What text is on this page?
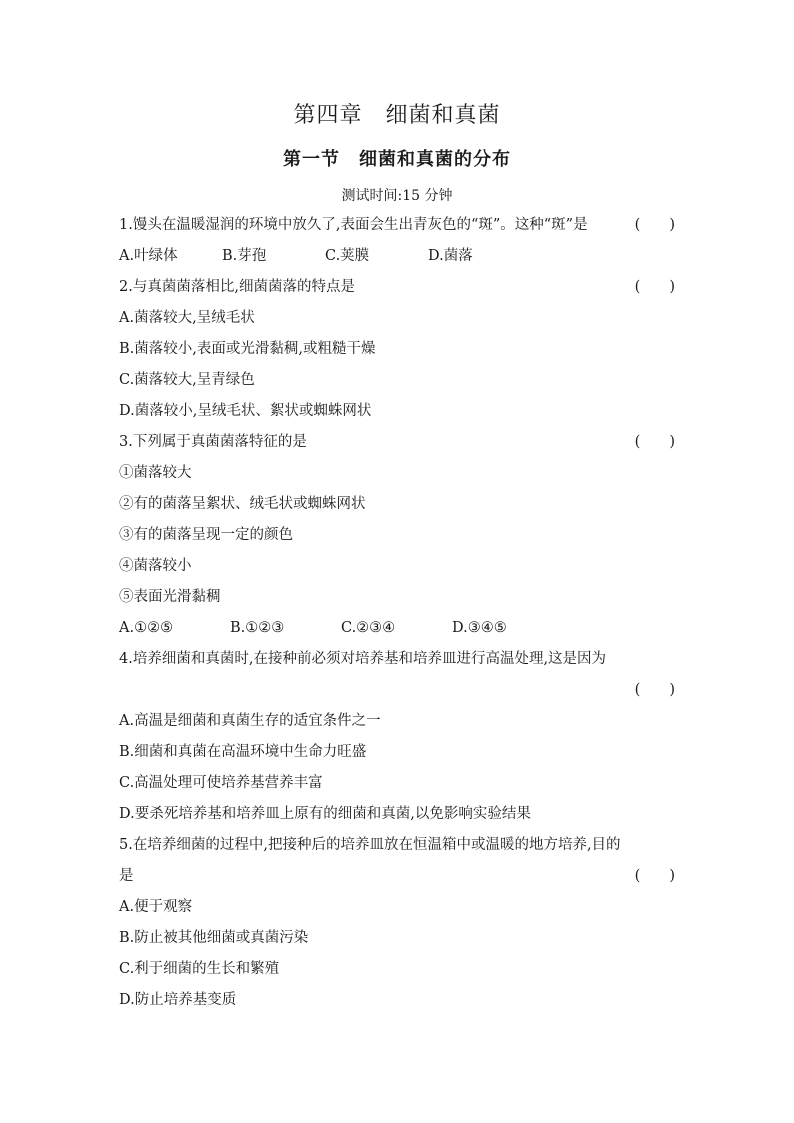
第四章　细菌和真菌
第一节　细菌和真菌的分布
测试时间:15 分钟
1.馒头在温暖湿润的环境中放久了,表面会生出青灰色的“斑”。这种“斑”是	(　　)
A.叶绿体	B.芽孢	C.荚膜	D.菌落
2.与真菌菌落相比,细菌菌落的特点是	(　　)
A.菌落较大,呈绒毛状
B.菌落较小,表面或光滑黏稠,或粗糙干燥
C.菌落较大,呈青绿色
D.菌落较小,呈绒毛状、絮状或蜘蛛网状
3.下列属于真菌菌落特征的是	(　　)
①菌落较大
②有的菌落呈絮状、绒毛状或蜘蛛网状
③有的菌落呈现一定的颜色
④菌落较小
⑤表面光滑黏稠
A.①②⑤	B.①②③	C.②③④	D.③④⑤
4.培养细菌和真菌时,在接种前必须对培养基和培养皿进行高温处理,这是因为
(　　)
A.高温是细菌和真菌生存的适宜条件之一
B.细菌和真菌在高温环境中生命力旺盛
C.高温处理可使培养基营养丰富
D.要杀死培养基和培养皿上原有的细菌和真菌,以免影响实验结果
5.在培养细菌的过程中,把接种后的培养皿放在恒温箱中或温暖的地方培养,目的
是	(　　)
A.便于观察
B.防止被其他细菌或真菌污染
C.利于细菌的生长和繁殖
D.防止培养基变质
